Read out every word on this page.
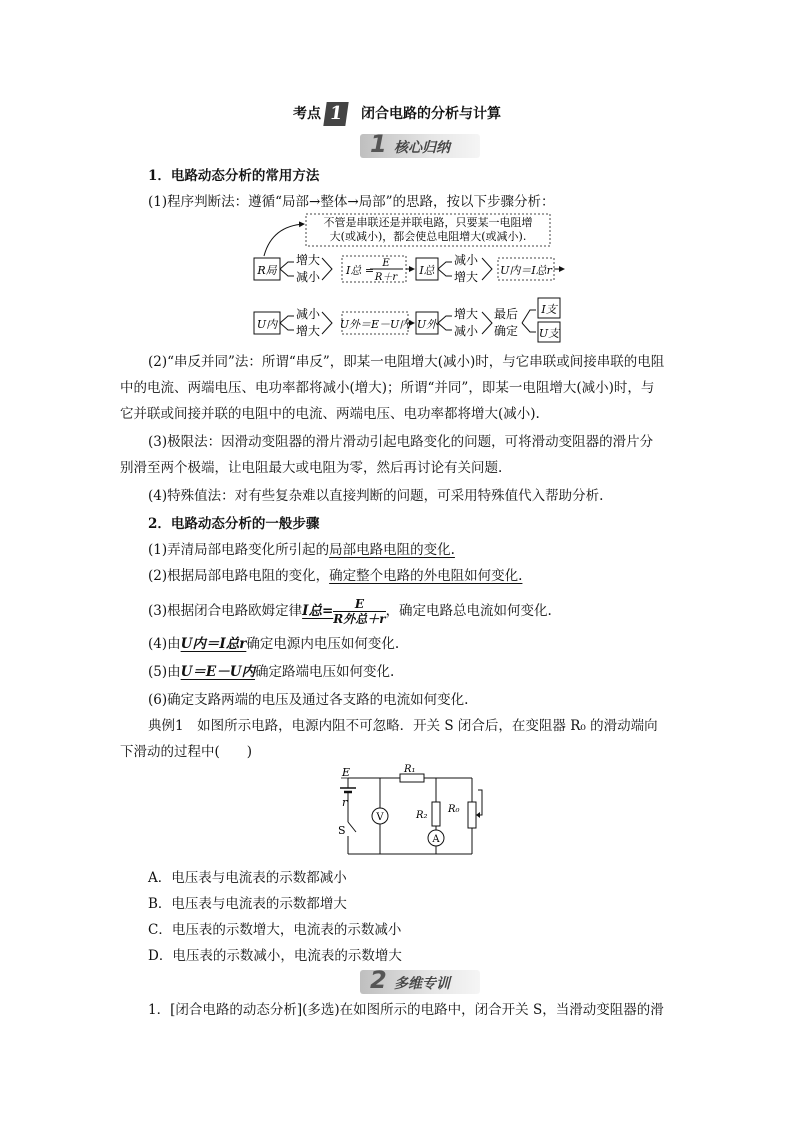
考点 1 闭合电路的分析与计算
1 核心归纳
1．电路动态分析的常用方法
(1)程序判断法：遵循“局部→整体→局部”的思路，按以下步骤分析：
不管是串联还是并联电路，只要某一电阻增
大(或减小)，都会使总电阻增大(或减小).
R局
增大
减小 I总 =
E
R＋r
I总
减小
增大 U内＝I总r
U内
减小
增大 U外＝E－U内 U外
增大
减小
最后
确定
I支
U支
(2)“串反并同”法：所谓“串反”，即某一电阻增大(减小)时，与它串联或间接串联的电阻
中的电流、两端电压、电功率都将减小(增大)；所谓“并同”，即某一电阻增大(减小)时，与
它并联或间接并联的电阻中的电流、两端电压、电功率都将增大(减小).
(3)极限法：因滑动变阻器的滑片滑动引起电路变化的问题，可将滑动变阻器的滑片分
别滑至两个极端，让电阻最大或电阻为零，然后再讨论有关问题.
(4)特殊值法：对有些复杂难以直接判断的问题，可采用特殊值代入帮助分析.
2．电路动态分析的一般步骤
(1)弄清局部电路变化所引起的局部电路电阻的变化.
(2)根据局部电路电阻的变化，确定整个电路的外电阻如何变化.
(3)根据闭合电路欧姆定律I总= $\frac{E}{\text{R外总＋r}}$ ，确定电路总电流如何变化.
(4)由U内＝I总r确定电源内电压如何变化.
(5)由U＝E－U内确定路端电压如何变化.
(6)确定支路两端的电压及通过各支路的电流如何变化.
典例1　如图所示电路，电源内阻不可忽略．开关 S 闭合后，在变阻器 R₀ 的滑动端向
下滑动的过程中(　　)
E
r
S
V
A
R₁
R₂
R₀
A．电压表与电流表的示数都减小
B．电压表与电流表的示数都增大
C．电压表的示数增大，电流表的示数减小
D．电压表的示数减小，电流表的示数增大
2 多维专训
1．[闭合电路的动态分析](多选)在如图所示的电路中，闭合开关 S，当滑动变阻器的滑
